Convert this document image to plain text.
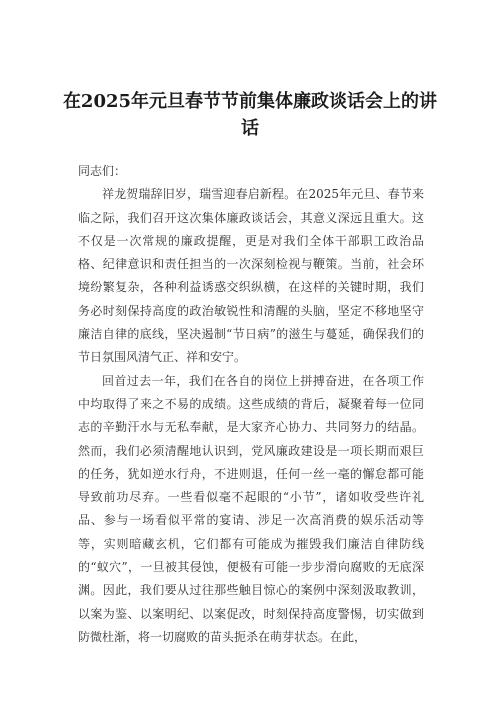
在2025年元旦春节节前集体廉政谈话会上的讲话

同志们：

祥龙贺瑞辞旧岁，瑞雪迎春启新程。在2025年元旦、春节来临之际，我们召开这次集体廉政谈话会，其意义深远且重大。这不仅是一次常规的廉政提醒，更是对我们全体干部职工政治品格、纪律意识和责任担当的一次深刻检视与鞭策。当前，社会环境纷繁复杂，各种利益诱惑交织纵横，在这样的关键时期，我们务必时刻保持高度的政治敏锐性和清醒的头脑，坚定不移地坚守廉洁自律的底线，坚决遏制“节日病”的滋生与蔓延，确保我们的节日氛围风清气正、祥和安宁。

回首过去一年，我们在各自的岗位上拼搏奋进，在各项工作中均取得了来之不易的成绩。这些成绩的背后，凝聚着每一位同志的辛勤汗水与无私奉献，是大家齐心协力、共同努力的结晶。然而，我们必须清醒地认识到，党风廉政建设是一项长期而艰巨的任务，犹如逆水行舟，不进则退，任何一丝一毫的懈怠都可能导致前功尽弃。一些看似毫不起眼的“小节”，诸如收受些许礼品、参与一场看似平常的宴请、涉足一次高消费的娱乐活动等等，实则暗藏玄机，它们都有可能成为摧毁我们廉洁自律防线的“蚁穴”，一旦被其侵蚀，便极有可能一步步滑向腐败的无底深渊。因此，我们要从过往那些触目惊心的案例中深刻汲取教训，以案为鉴、以案明纪、以案促改，时刻保持高度警惕，切实做到防微杜渐，将一切腐败的苗头扼杀在萌芽状态。在此，
